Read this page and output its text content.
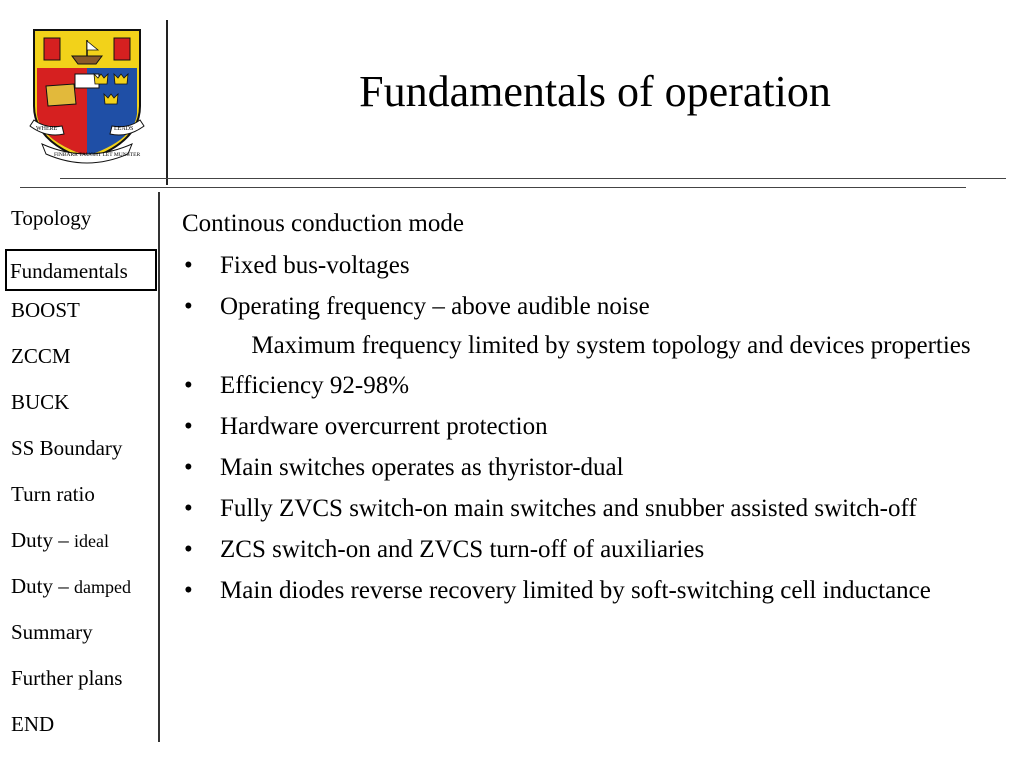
WHERE	LEADS
FINBARR TAUGHT LET MUNSTER
Fundamentals of operation
Topology
Fundamentals
BOOST
ZCCM
BUCK
SS Boundary
Turn ratio
Duty – ideal
Duty – damped
Summary
Further plans
END
Continous conduction mode
• Fixed bus-voltages
• Operating frequency – above audible noise
Maximum frequency limited by system topology and devices properties
• Efficiency 92-98%
• Hardware overcurrent protection
• Main switches operates as thyristor-dual
• Fully ZVCS switch-on main switches and snubber assisted switch-off
• ZCS switch-on and ZVCS turn-off of auxiliaries
• Main diodes reverse recovery limited by soft-switching cell inductance
